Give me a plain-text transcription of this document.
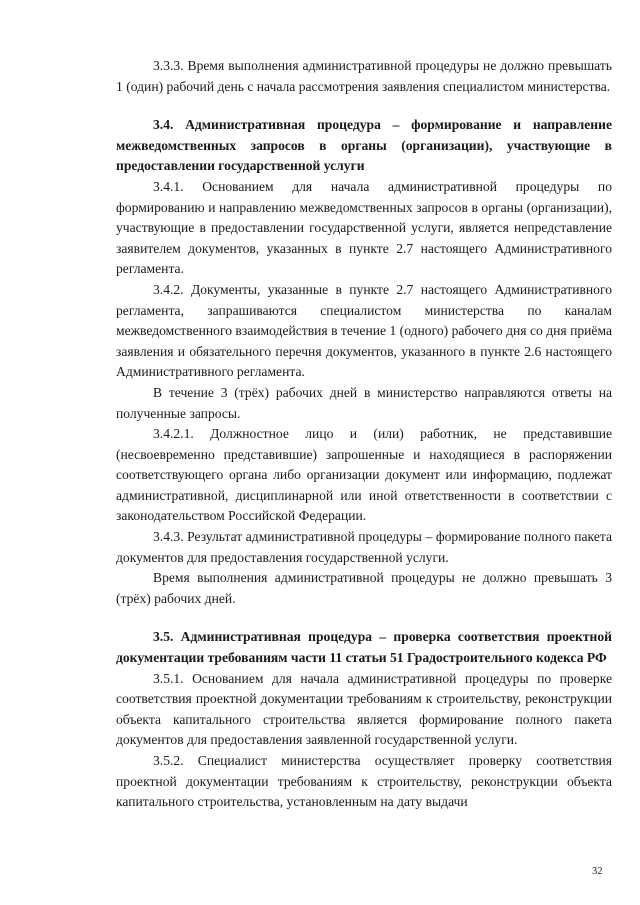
3.3.3. Время выполнения административной процедуры не должно превышать 1 (один) рабочий день с начала рассмотрения заявления специалистом министерства.

3.4. Административная процедура – формирование и направление межведомственных запросов в органы (организации), участвующие в предоставлении государственной услуги

3.4.1. Основанием для начала административной процедуры по формированию и направлению межведомственных запросов в органы (организации), участвующие в предоставлении государственной услуги, является непредставление заявителем документов, указанных в пункте 2.7 настоящего Административного регламента.

3.4.2. Документы, указанные в пункте 2.7 настоящего Административного регламента, запрашиваются специалистом министерства по каналам межведомственного взаимодействия в течение 1 (одного) рабочего дня со дня приёма заявления и обязательного перечня документов, указанного в пункте 2.6 настоящего Административного регламента.

В течение 3 (трёх) рабочих дней в министерство направляются ответы на полученные запросы.

3.4.2.1. Должностное лицо и (или) работник, не представившие (несвоевременно представившие) запрошенные и находящиеся в распоряжении соответствующего органа либо организации документ или информацию, подлежат административной, дисциплинарной или иной ответственности в соответствии с законодательством Российской Федерации.

3.4.3. Результат административной процедуры – формирование полного пакета документов для предоставления государственной услуги.

Время выполнения административной процедуры не должно превышать 3 (трёх) рабочих дней.

3.5. Административная процедура – проверка соответствия проектной документации требованиям части 11 статьи 51 Градостроительного кодекса РФ

3.5.1. Основанием для начала административной процедуры по проверке соответствия проектной документации требованиям к строительству, реконструкции объекта капитального строительства является формирование полного пакета документов для предоставления заявленной государственной услуги.

3.5.2. Специалист министерства осуществляет проверку соответствия проектной документации требованиям к строительству, реконструкции объекта капитального строительства, установленным на дату выдачи

32
